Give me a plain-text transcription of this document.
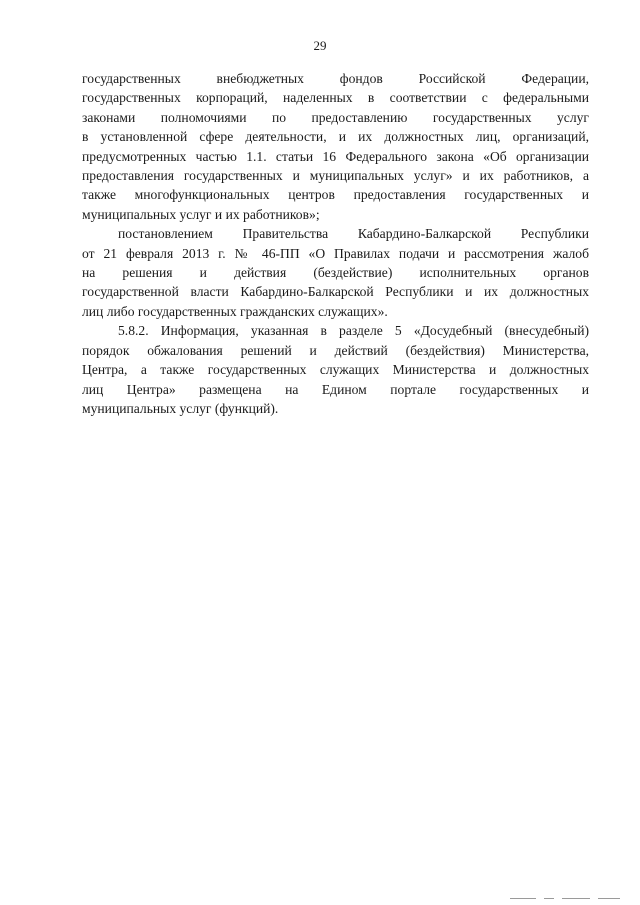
29
государственных внебюджетных фондов Российской Федерации,
государственных корпораций, наделенных в соответствии с федеральными
законами полномочиями по предоставлению государственных услуг
в установленной сфере деятельности, и их должностных лиц, организаций,
предусмотренных частью 1.1. статьи 16 Федерального закона «Об организации
предоставления государственных и муниципальных услуг» и их работников, а
также многофункциональных центров предоставления государственных и
муниципальных услуг и их работников»;
постановлением Правительства Кабардино-Балкарской Республики
от 21 февраля 2013 г. № 46-ПП «О Правилах подачи и рассмотрения жалоб
на решения и действия (бездействие) исполнительных органов
государственной власти Кабардино-Балкарской Республики и их должностных
лиц либо государственных гражданских служащих».
5.8.2. Информация, указанная в разделе 5 «Досудебный (внесудебный)
порядок обжалования решений и действий (бездействия) Министерства,
Центра, а также государственных служащих Министерства и должностных
лиц Центра» размещена на Едином портале государственных и
муниципальных услуг (функций).
